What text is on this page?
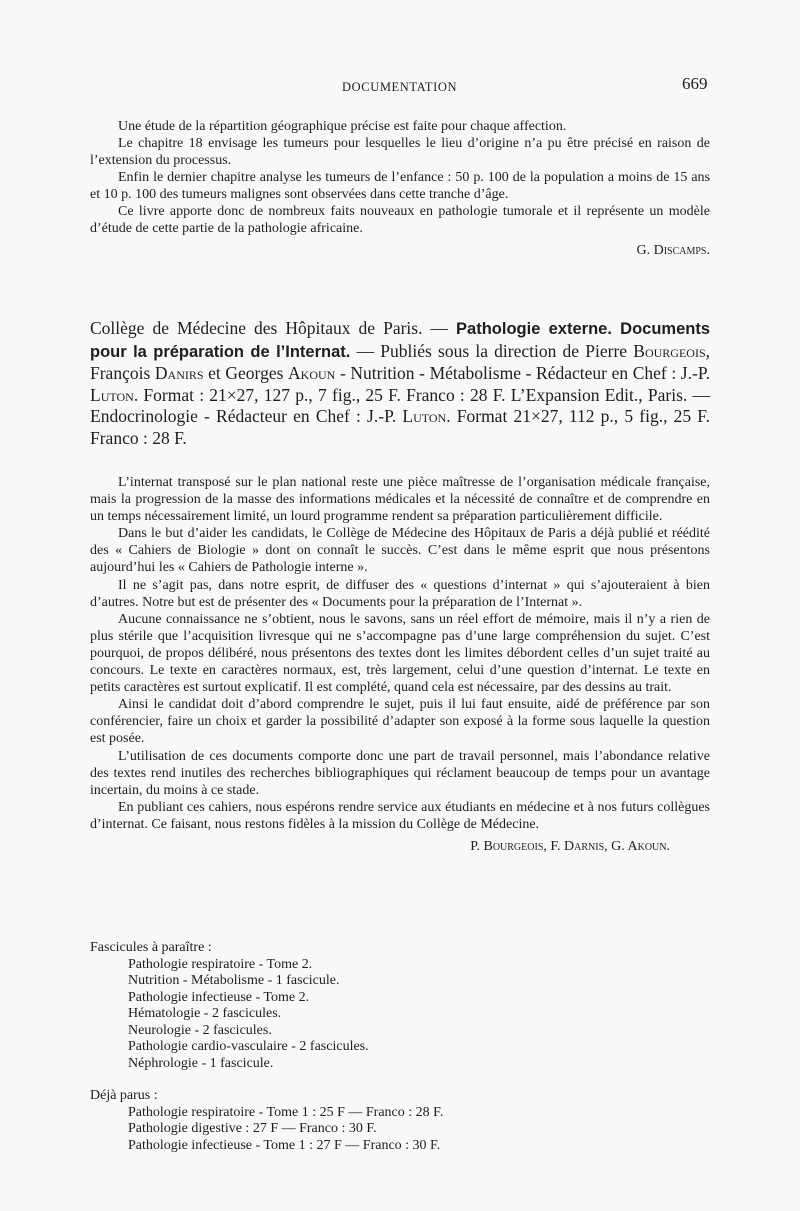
DOCUMENTATION	669

Une étude de la répartition géographique précise est faite pour chaque affection.

Le chapitre 18 envisage les tumeurs pour lesquelles le lieu d’origine n’a pu être précisé en raison de l’extension du processus.

Enfin le dernier chapitre analyse les tumeurs de l’enfance : 50 p. 100 de la population a moins de 15 ans et 10 p. 100 des tumeurs malignes sont observées dans cette tranche d’âge.

Ce livre apporte donc de nombreux faits nouveaux en pathologie tumorale et il représente un modèle d’étude de cette partie de la pathologie africaine.

G. Discamps.

Collège de Médecine des Hôpitaux de Paris. — Pathologie externe. Documents pour la préparation de l’Internat. — Publiés sous la direction de Pierre Bourgeois, François Danirs et Georges Akoun - Nutrition - Métabolisme - Rédacteur en Chef : J.-P. Luton. Format : 21×27, 127 p., 7 fig., 25 F. Franco : 28 F. L’Expansion Edit., Paris. — Endocrinologie - Rédacteur en Chef : J.-P. Luton. Format 21×27, 112 p., 5 fig., 25 F. Franco : 28 F.

L’internat transposé sur le plan national reste une pièce maîtresse de l’organisation médicale française, mais la progression de la masse des informations médicales et la nécessité de connaître et de comprendre en un temps nécessairement limité, un lourd programme rendent sa préparation particulièrement difficile.

Dans le but d’aider les candidats, le Collège de Médecine des Hôpitaux de Paris a déjà publié et réédité des « Cahiers de Biologie » dont on connaît le succès. C’est dans le même esprit que nous présentons aujourd’hui les « Cahiers de Pathologie interne ».

Il ne s’agit pas, dans notre esprit, de diffuser des « questions d’internat » qui s’ajouteraient à bien d’autres. Notre but est de présenter des « Documents pour la préparation de l’Internat ».

Aucune connaissance ne s’obtient, nous le savons, sans un réel effort de mémoire, mais il n’y a rien de plus stérile que l’acquisition livresque qui ne s’accompagne pas d’une large compréhension du sujet. C’est pourquoi, de propos délibéré, nous présentons des textes dont les limites débordent celles d’un sujet traité au concours. Le texte en caractères normaux, est, très largement, celui d’une question d’internat. Le texte en petits caractères est surtout explicatif. Il est complété, quand cela est nécessaire, par des dessins au trait.

Ainsi le candidat doit d’abord comprendre le sujet, puis il lui faut ensuite, aidé de préférence par son conférencier, faire un choix et garder la possibilité d’adapter son exposé à la forme sous laquelle la question est posée.

L’utilisation de ces documents comporte donc une part de travail personnel, mais l’abondance relative des textes rend inutiles des recherches bibliographiques qui réclament beaucoup de temps pour un avantage incertain, du moins à ce stade.

En publiant ces cahiers, nous espérons rendre service aux étudiants en médecine et à nos futurs collègues d’internat. Ce faisant, nous restons fidèles à la mission du Collège de Médecine.

P. Bourgeois, F. Darnis, G. Akoun.

Fascicules à paraître :

Pathologie respiratoire - Tome 2.
Nutrition - Métabolisme - 1 fascicule.
Pathologie infectieuse - Tome 2.
Hématologie - 2 fascicules.
Neurologie - 2 fascicules.
Pathologie cardio-vasculaire - 2 fascicules.
Néphrologie - 1 fascicule.

Déjà parus :

Pathologie respiratoire - Tome 1 : 25 F — Franco : 28 F.
Pathologie digestive : 27 F — Franco : 30 F.
Pathologie infectieuse - Tome 1 : 27 F — Franco : 30 F.
